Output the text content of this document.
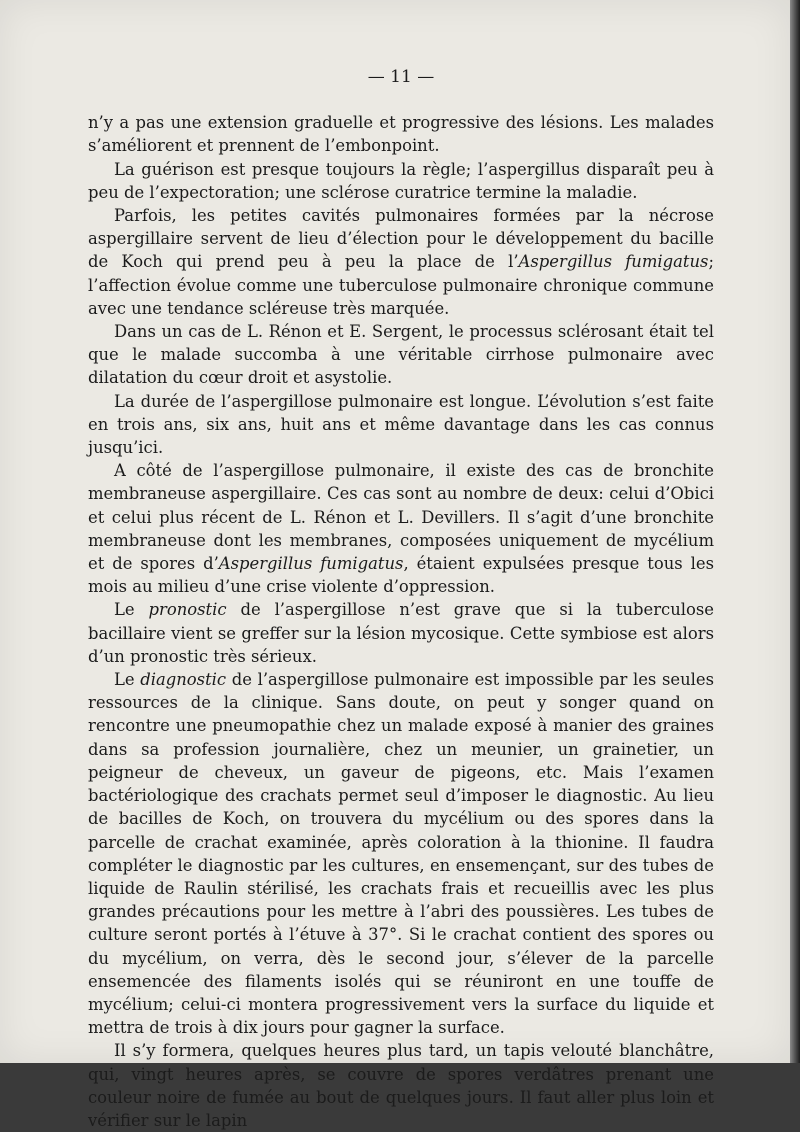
— 11 —

n’y a pas une extension graduelle et progressive des lésions. Les malades s’améliorent et prennent de l’embonpoint.

La guérison est presque toujours la règle; l’aspergillus disparaît peu à peu de l’expectoration; une sclérose curatrice termine la maladie.

Parfois, les petites cavités pulmonaires formées par la nécrose aspergillaire servent de lieu d’élection pour le développement du bacille de Koch qui prend peu à peu la place de l’Aspergillus fumigatus; l’affection évolue comme une tuberculose pulmonaire chronique commune avec une tendance scléreuse très marquée.

Dans un cas de L. Rénon et E. Sergent, le processus sclérosant était tel que le malade succomba à une véritable cirrhose pulmonaire avec dilatation du cœur droit et asystolie.

La durée de l’aspergillose pulmonaire est longue. L’évolution s’est faite en trois ans, six ans, huit ans et même davantage dans les cas connus jusqu’ici.

A côté de l’aspergillose pulmonaire, il existe des cas de bronchite membraneuse aspergillaire. Ces cas sont au nombre de deux: celui d’Obici et celui plus récent de L. Rénon et L. Devillers. Il s’agit d’une bronchite membraneuse dont les membranes, composées uniquement de mycélium et de spores d’Aspergillus fumigatus, étaient expulsées presque tous les mois au milieu d’une crise violente d’oppression.

Le pronostic de l’aspergillose n’est grave que si la tuberculose bacillaire vient se greffer sur la lésion mycosique. Cette symbiose est alors d’un pronostic très sérieux.

Le diagnostic de l’aspergillose pulmonaire est impossible par les seules ressources de la clinique. Sans doute, on peut y songer quand on rencontre une pneumopathie chez un malade exposé à manier des graines dans sa profession journalière, chez un meunier, un grainetier, un peigneur de cheveux, un gaveur de pigeons, etc. Mais l’examen bactériologique des crachats permet seul d’imposer le diagnostic. Au lieu de bacilles de Koch, on trouvera du mycélium ou des spores dans la parcelle de crachat examinée, après coloration à la thionine. Il faudra compléter le diagnostic par les cultures, en ensemençant, sur des tubes de liquide de Raulin stérilisé, les crachats frais et recueillis avec les plus grandes précautions pour les mettre à l’abri des poussières. Les tubes de culture seront portés à l’étuve à 37°. Si le crachat contient des spores ou du mycélium, on verra, dès le second jour, s’élever de la parcelle ensemencée des filaments isolés qui se réuniront en une touffe de mycélium; celui-ci montera progressivement vers la surface du liquide et mettra de trois à dix jours pour gagner la surface.

Il s’y formera, quelques heures plus tard, un tapis velouté blanchâtre, qui, vingt heures après, se couvre de spores verdâtres prenant une couleur noire de fumée au bout de quelques jours. Il faut aller plus loin et vérifier sur le lapin
